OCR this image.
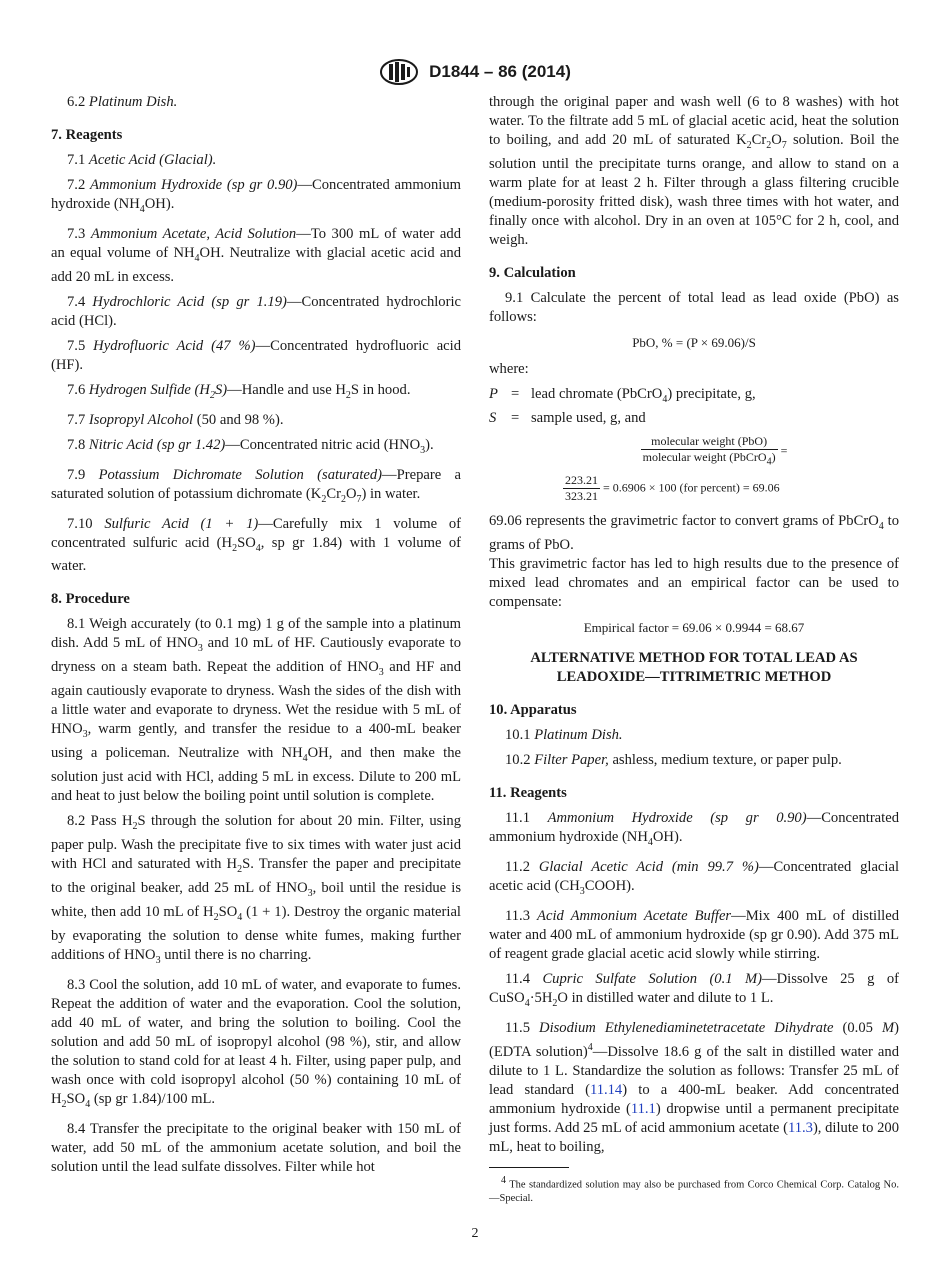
D1844 – 86 (2014)

6.2 Platinum Dish.

7. Reagents

7.1 Acetic Acid (Glacial).

7.2 Ammonium Hydroxide (sp gr 0.90)—Concentrated ammonium hydroxide $(NH_4OH)$.

7.3 Ammonium Acetate, Acid Solution—To 300 mL of water add an equal volume of $NH_4OH$. Neutralize with glacial acetic acid and add 20 mL in excess.

7.4 Hydrochloric Acid (sp gr 1.19)—Concentrated hydrochloric acid (HCl).

7.5 Hydrofluoric Acid (47 %)—Concentrated hydrofluoric acid (HF).

7.6 Hydrogen Sulfide $(H_2S)—Handle$ and use $H_2S$ in hood.

7.7 Isopropyl Alcohol (50 and 98 %).

7.8 Nitric Acid (sp gr 1.42)—Concentrated nitric acid $(HNO_3)$.

7.9 Potassium Dichromate Solution (saturated)—Prepare a saturated solution of potassium dichromate $(K_2Cr_2O_7)$ in water.

7.10 Sulfuric Acid (1 + 1)—Carefully mix 1 volume of concentrated sulfuric acid ($H_2SO_4$, sp gr 1.84) with 1 volume of water.

8. Procedure

8.1 Weigh accurately (to 0.1 mg) 1 g of the sample into a platinum dish. Add 5 mL of $HNO_3$ and 10 mL of HF. Cautiously evaporate to dryness on a steam bath. Repeat the addition of $HNO_3$ and HF and again cautiously evaporate to dryness. Wash the sides of the dish with a little water and evaporate to dryness. Wet the residue with 5 mL of $HNO_3$, warm gently, and transfer the residue to a 400-mL beaker using a policeman. Neutralize with $NH_4OH$, and then make the solution just acid with HCl, adding 5 mL in excess. Dilute to 200 mL and heat to just below the boiling point until solution is complete.

8.2 Pass $H_2S$ through the solution for about 20 min. Filter, using paper pulp. Wash the precipitate five to six times with water just acid with HCl and saturated with $H_2S$. Transfer the paper and precipitate to the original beaker, add 25 mL of $HNO_3$, boil until the residue is white, then add 10 mL of $H_2SO_4$ (1 + 1). Destroy the organic material by evaporating the solution to dense white fumes, making further additions of $HNO_3$ until there is no charring.

8.3 Cool the solution, add 10 mL of water, and evaporate to fumes. Repeat the addition of water and the evaporation. Cool the solution, add 40 mL of water, and bring the solution to boiling. Cool the solution and add 50 mL of isopropyl alcohol (98 %), stir, and allow the solution to stand cold for at least 4 h. Filter, using paper pulp, and wash once with cold isopropyl alcohol (50 %) containing 10 mL of $H_2SO_4$ (sp gr 1.84)/100 mL.

8.4 Transfer the precipitate to the original beaker with 150 mL of water, add 50 mL of the ammonium acetate solution, and boil the solution until the lead sulfate dissolves. Filter while hot

through the original paper and wash well (6 to 8 washes) with hot water. To the filtrate add 5 mL of glacial acetic acid, heat the solution to boiling, and add 20 mL of saturated $K_2Cr_2O_7$ solution. Boil the solution until the precipitate turns orange, and allow to stand on a warm plate for at least 2 h. Filter through a glass filtering crucible (medium-porosity fritted disk), wash three times with hot water, and finally once with alcohol. Dry in an oven at 105°C for 2 h, cool, and weigh.

9. Calculation

9.1 Calculate the percent of total lead as lead oxide (PbO) as follows:

PbO, % = (P × 69.06)/S

where:

P = lead chromate (PbCrO$_4$) precipitate, g,
S	= sample used, g, and
$\frac{\text{molecular weight (PbO)}}{molecular weight (PbCrO_4)}$ =
$\frac{223.21}{323.21} = 0.6906 \times 100$ (for percent) = 69.06

69.06 represents the gravimetric factor to convert grams of PbCrO$_4$ to grams of PbO.

This gravimetric factor has led to high results due to the presence of mixed lead chromates and an empirical factor can be used to compensate:

Empirical factor = 69.06 × 0.9944 = 68.67

ALTERNATIVE METHOD FOR TOTAL LEAD AS
LEADOXIDE—TITRIMETRIC METHOD
10. Apparatus

10.1 Platinum Dish.

10.2 Filter Paper, ashless, medium texture, or paper pulp.

11. Reagents

11.1 Ammonium Hydroxide (sp gr 0.90)—Concentrated ammonium hydroxide $(NH_4OH)$.

11.2 Glacial Acetic Acid (min 99.7 %)—Concentrated glacial acetic acid $(CH_3COOH)$.

11.3 Acid Ammonium Acetate Buffer—Mix 400 mL of distilled water and 400 mL of ammonium hydroxide (sp gr 0.90). Add 375 mL of reagent grade glacial acetic acid slowly while stirring.

11.4 Cupric Sulfate Solution (0.1 M)—Dissolve 25 g of $CuSO_4\cdot 5H_2O$ in distilled water and dilute to 1 L.

11.5 Disodium Ethylenediaminetetracetate Dihydrate (0.05 M) (EDTA solution)$^4$—Dissolve 18.6 g of the salt in distilled water and dilute to 1 L. Standardize the solution as follows: Transfer 25 mL of lead standard (11.14) to a 400-mL beaker. Add concentrated ammonium hydroxide (11.1) dropwise until a permanent precipitate just forms. Add 25 mL of acid ammonium acetate (11.3), dilute to 200 mL, heat to boiling,

$^4$ The standardized solution may also be purchased from Corco Chemical Corp. Catalog No.—Special.

2
